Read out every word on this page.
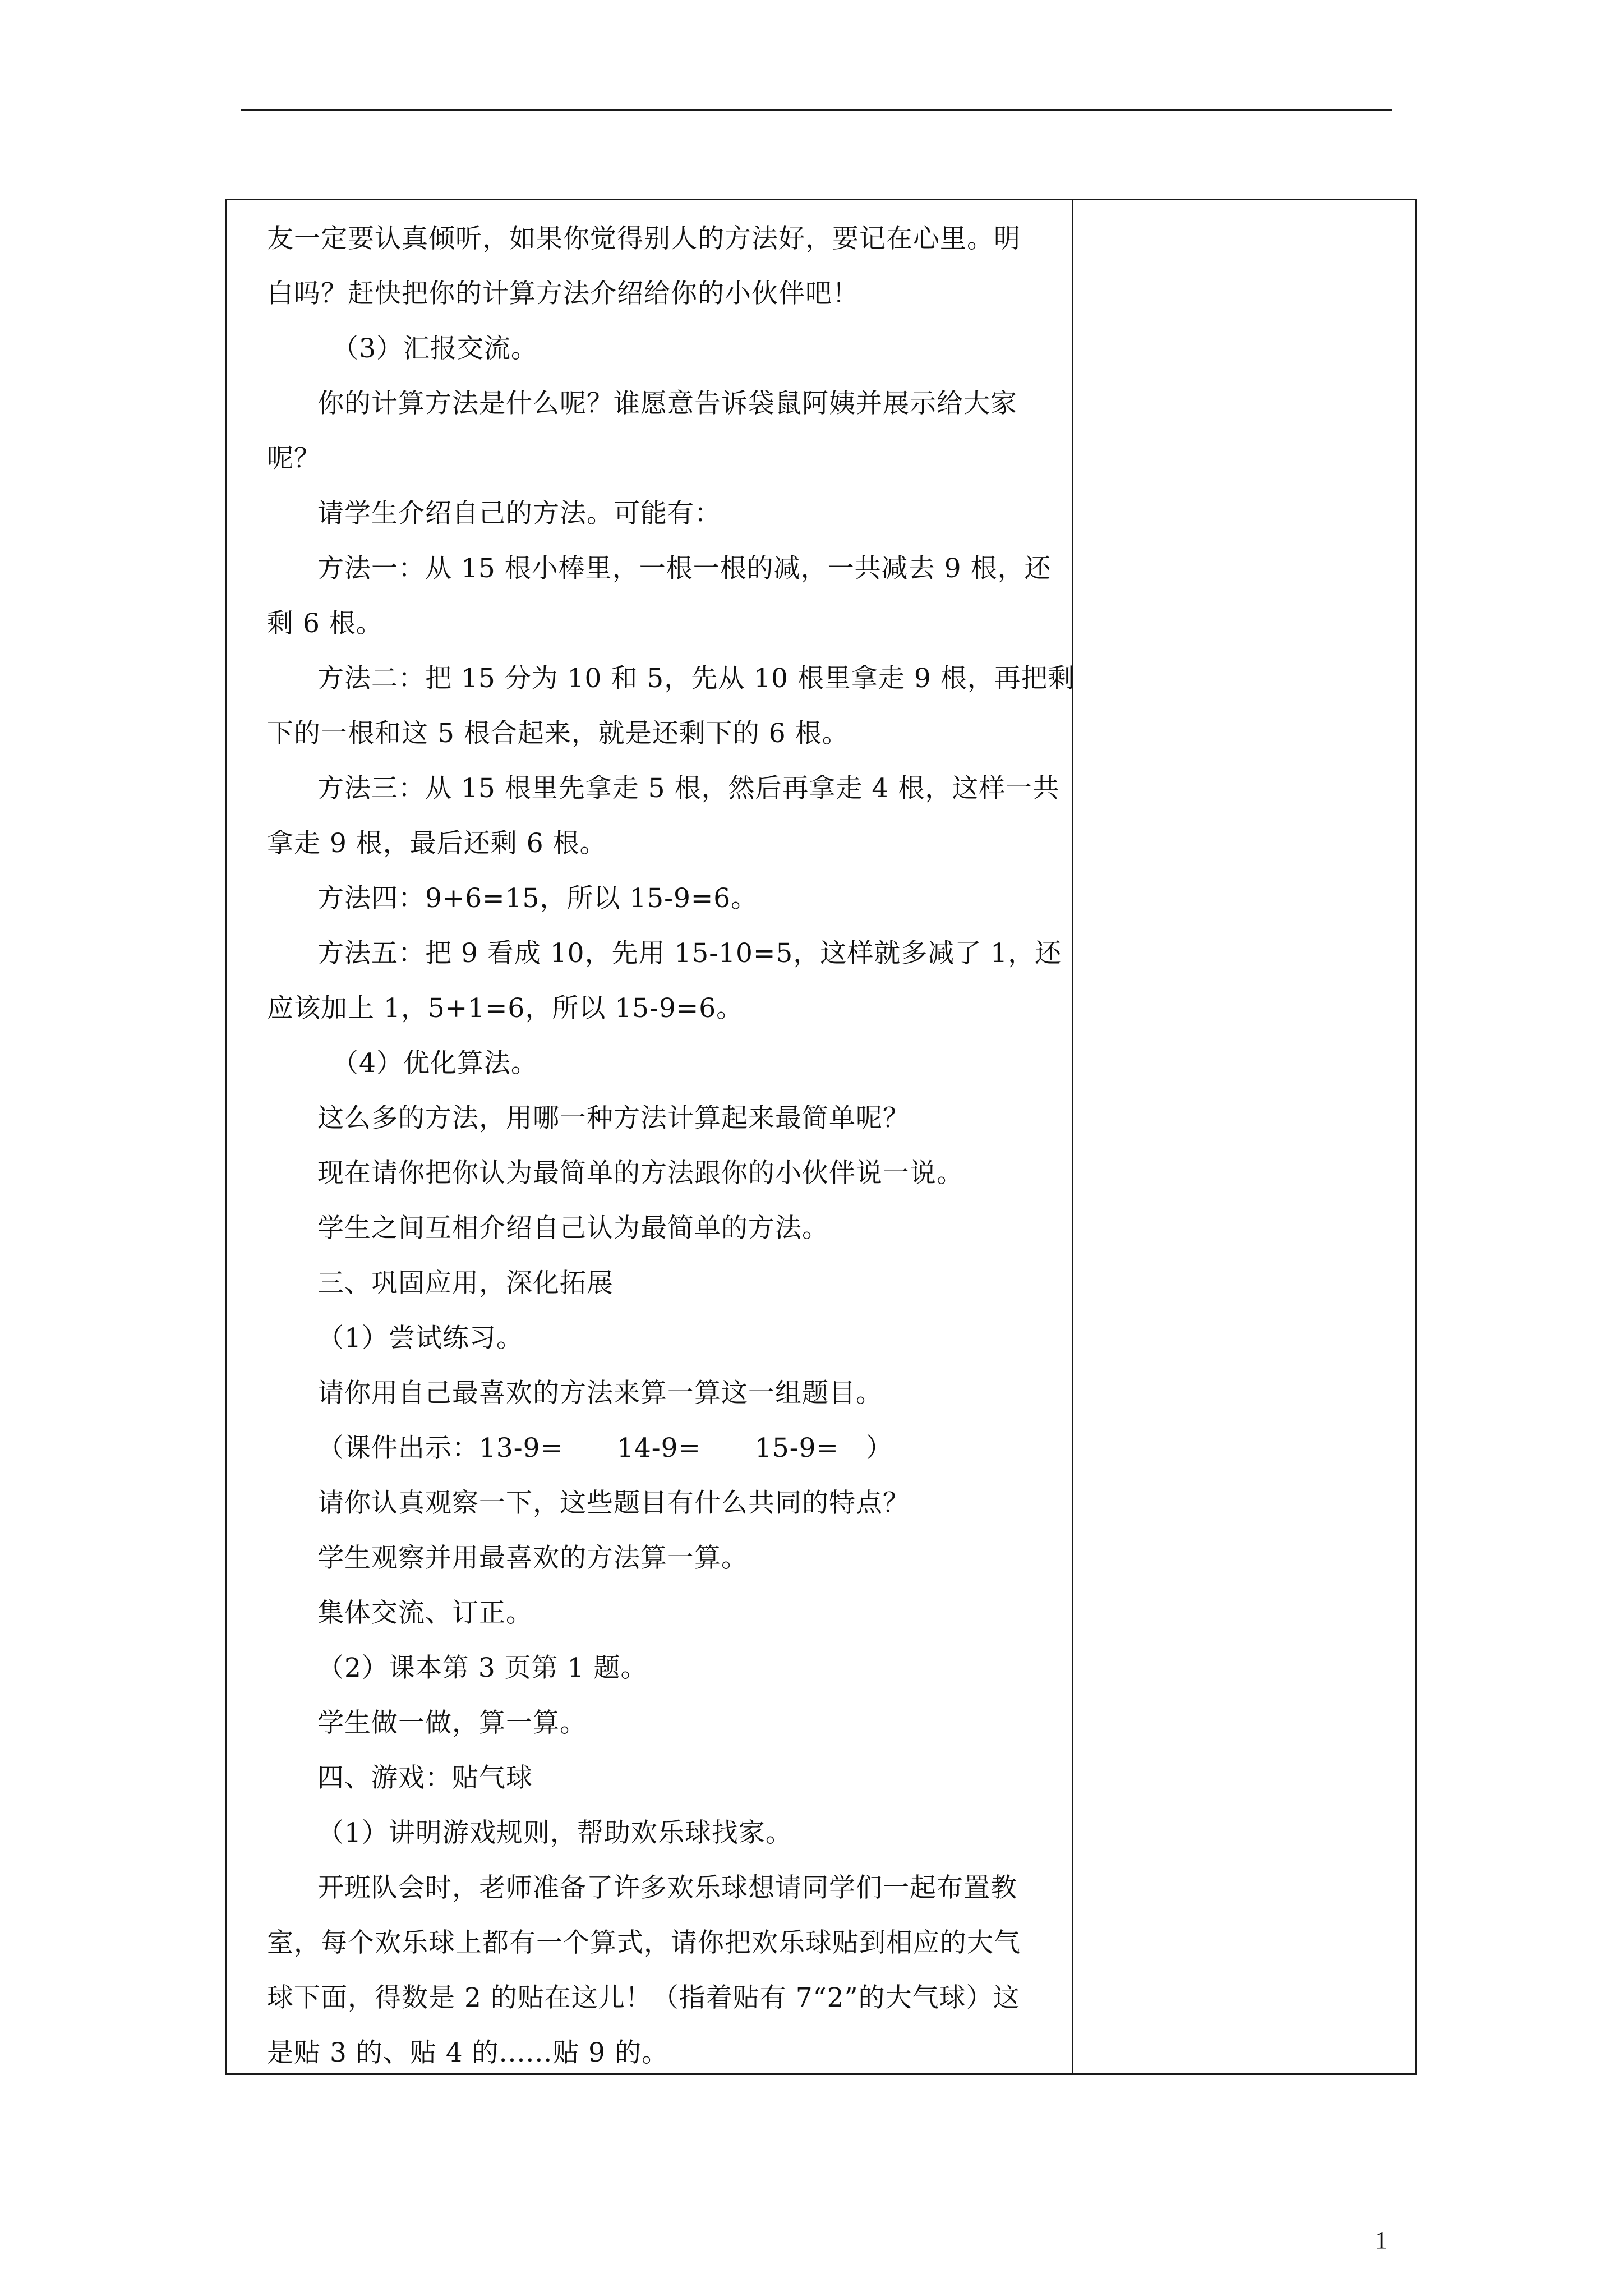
友一定要认真倾听，如果你觉得别人的方法好，要记在心里。明
白吗？赶快把你的计算方法介绍给你的小伙伴吧！
（3）汇报交流。
你的计算方法是什么呢？谁愿意告诉袋鼠阿姨并展示给大家
呢？
请学生介绍自己的方法。可能有：
方法一：从 15 根小棒里，一根一根的减，一共减去 9 根，还
剩 6 根。
方法二：把 15 分为 10 和 5，先从 10 根里拿走 9 根，再把剩
下的一根和这 5 根合起来，就是还剩下的 6 根。
方法三：从 15 根里先拿走 5 根，然后再拿走 4 根，这样一共
拿走 9 根，最后还剩 6 根。
方法四：9+6=15，所以 15-9=6。
方法五：把 9 看成 10，先用 15-10=5，这样就多减了 1，还
应该加上 1，5+1=6，所以 15-9=6。
（4）优化算法。
这么多的方法，用哪一种方法计算起来最简单呢？
现在请你把你认为最简单的方法跟你的小伙伴说一说。
学生之间互相介绍自己认为最简单的方法。
三、巩固应用，深化拓展
（1）尝试练习。
请你用自己最喜欢的方法来算一算这一组题目。
（课件出示：13-9=　　14-9=　　15-9=　）
请你认真观察一下，这些题目有什么共同的特点？
学生观察并用最喜欢的方法算一算。
集体交流、订正。
（2）课本第 3 页第 1 题。
学生做一做，算一算。
四、游戏：贴气球
（1）讲明游戏规则，帮助欢乐球找家。
开班队会时，老师准备了许多欢乐球想请同学们一起布置教
室，每个欢乐球上都有一个算式，请你把欢乐球贴到相应的大气
球下面，得数是 2 的贴在这儿！（指着贴有 7“2”的大气球）这
是贴 3 的、贴 4 的......贴 9 的。
1
